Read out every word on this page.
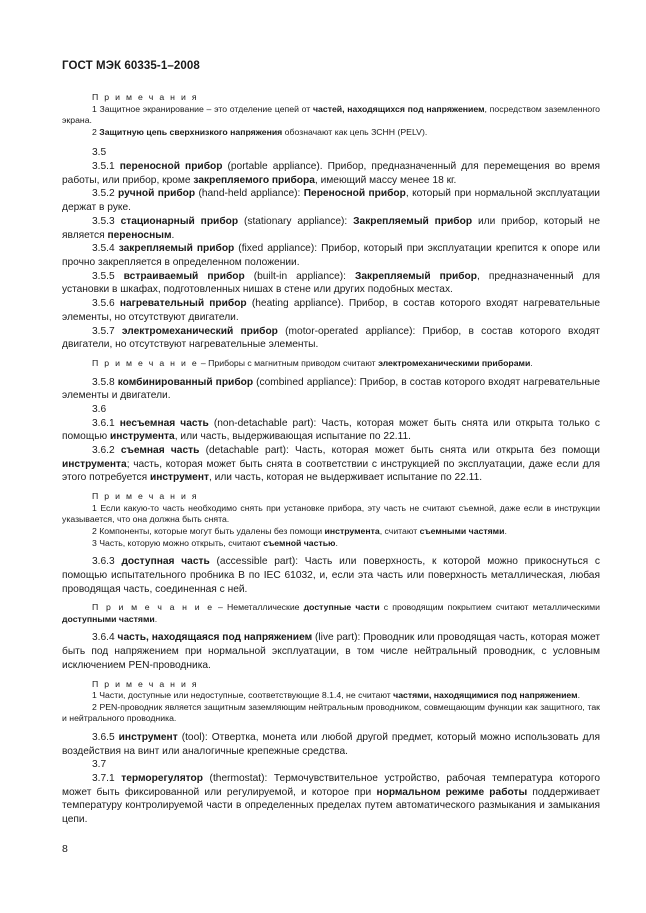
ГОСТ МЭК 60335-1–2008
П р и м е ч а н и я
1 Защитное экранирование – это отделение цепей от частей, находящихся под напряжением, посредством заземленного экрана.
2 Защитную цепь сверхнизкого напряжения обозначают как цепь ЗСНН (PELV).
3.5
3.5.1 переносной прибор (portable appliance). Прибор, предназначенный для перемещения во время работы, или прибор, кроме закрепляемого прибора, имеющий массу менее 18 кг.
3.5.2 ручной прибор (hand-held appliance): Переносной прибор, который при нормальной эксплуатации держат в руке.
3.5.3 стационарный прибор (stationary appliance): Закрепляемый прибор или прибор, который не является переносным.
3.5.4 закрепляемый прибор (fixed appliance): Прибор, который при эксплуатации крепится к опоре или прочно закрепляется в определенном положении.
3.5.5 встраиваемый прибор (built-in appliance): Закрепляемый прибор, предназначенный для установки в шкафах, подготовленных нишах в стене или других подобных местах.
3.5.6 нагревательный прибор (heating appliance). Прибор, в состав которого входят нагревательные элементы, но отсутствуют двигатели.
3.5.7 электромеханический прибор (motor-operated appliance): Прибор, в состав которого входят двигатели, но отсутствуют нагревательные элементы.
П р и м е ч а н и е – Приборы с магнитным приводом считают электромеханическими приборами.
3.5.8 комбинированный прибор (combined appliance): Прибор, в состав которого входят нагревательные элементы и двигатели.
3.6
3.6.1 несъемная часть (non-detachable part): Часть, которая может быть снята или открыта только с помощью инструмента, или часть, выдерживающая испытание по 22.11.
3.6.2 съемная часть (detachable part): Часть, которая может быть снята или открыта без помощи инструмента; часть, которая может быть снята в соответствии с инструкцией по эксплуатации, даже если для этого потребуется инструмент, или часть, которая не выдерживает испытание по 22.11.
П р и м е ч а н и я
1 Если какую-то часть необходимо снять при установке прибора, эту часть не считают съемной, даже если в инструкции указывается, что она должна быть снята.
2 Компоненты, которые могут быть удалены без помощи инструмента, считают съемными частями.
3 Часть, которую можно открыть, считают съемной частью.
3.6.3 доступная часть (accessible part): Часть или поверхность, к которой можно прикоснуться с помощью испытательного пробника В по IEC 61032, и, если эта часть или поверхность металлическая, любая проводящая часть, соединенная с ней.
П р и м е ч а н и е – Неметаллические доступные части с проводящим покрытием считают металлическими доступными частями.
3.6.4 часть, находящаяся под напряжением (live part): Проводник или проводящая часть, которая может быть под напряжением при нормальной эксплуатации, в том числе нейтральный проводник, с условным исключением PEN-проводника.
П р и м е ч а н и я
1 Части, доступные или недоступные, соответствующие 8.1.4, не считают частями, находящимися под напряжением.
2 PEN-проводник является защитным заземляющим нейтральным проводником, совмещающим функции как защитного, так и нейтрального проводника.
3.6.5 инструмент (tool): Отвертка, монета или любой другой предмет, который можно использовать для воздействия на винт или аналогичные крепежные средства.
3.7
3.7.1 терморегулятор (thermostat): Термочувствительное устройство, рабочая температура которого может быть фиксированной или регулируемой, и которое при нормальном режиме работы поддерживает температуру контролируемой части в определенных пределах путем автоматического размыкания и замыкания цепи.
8
